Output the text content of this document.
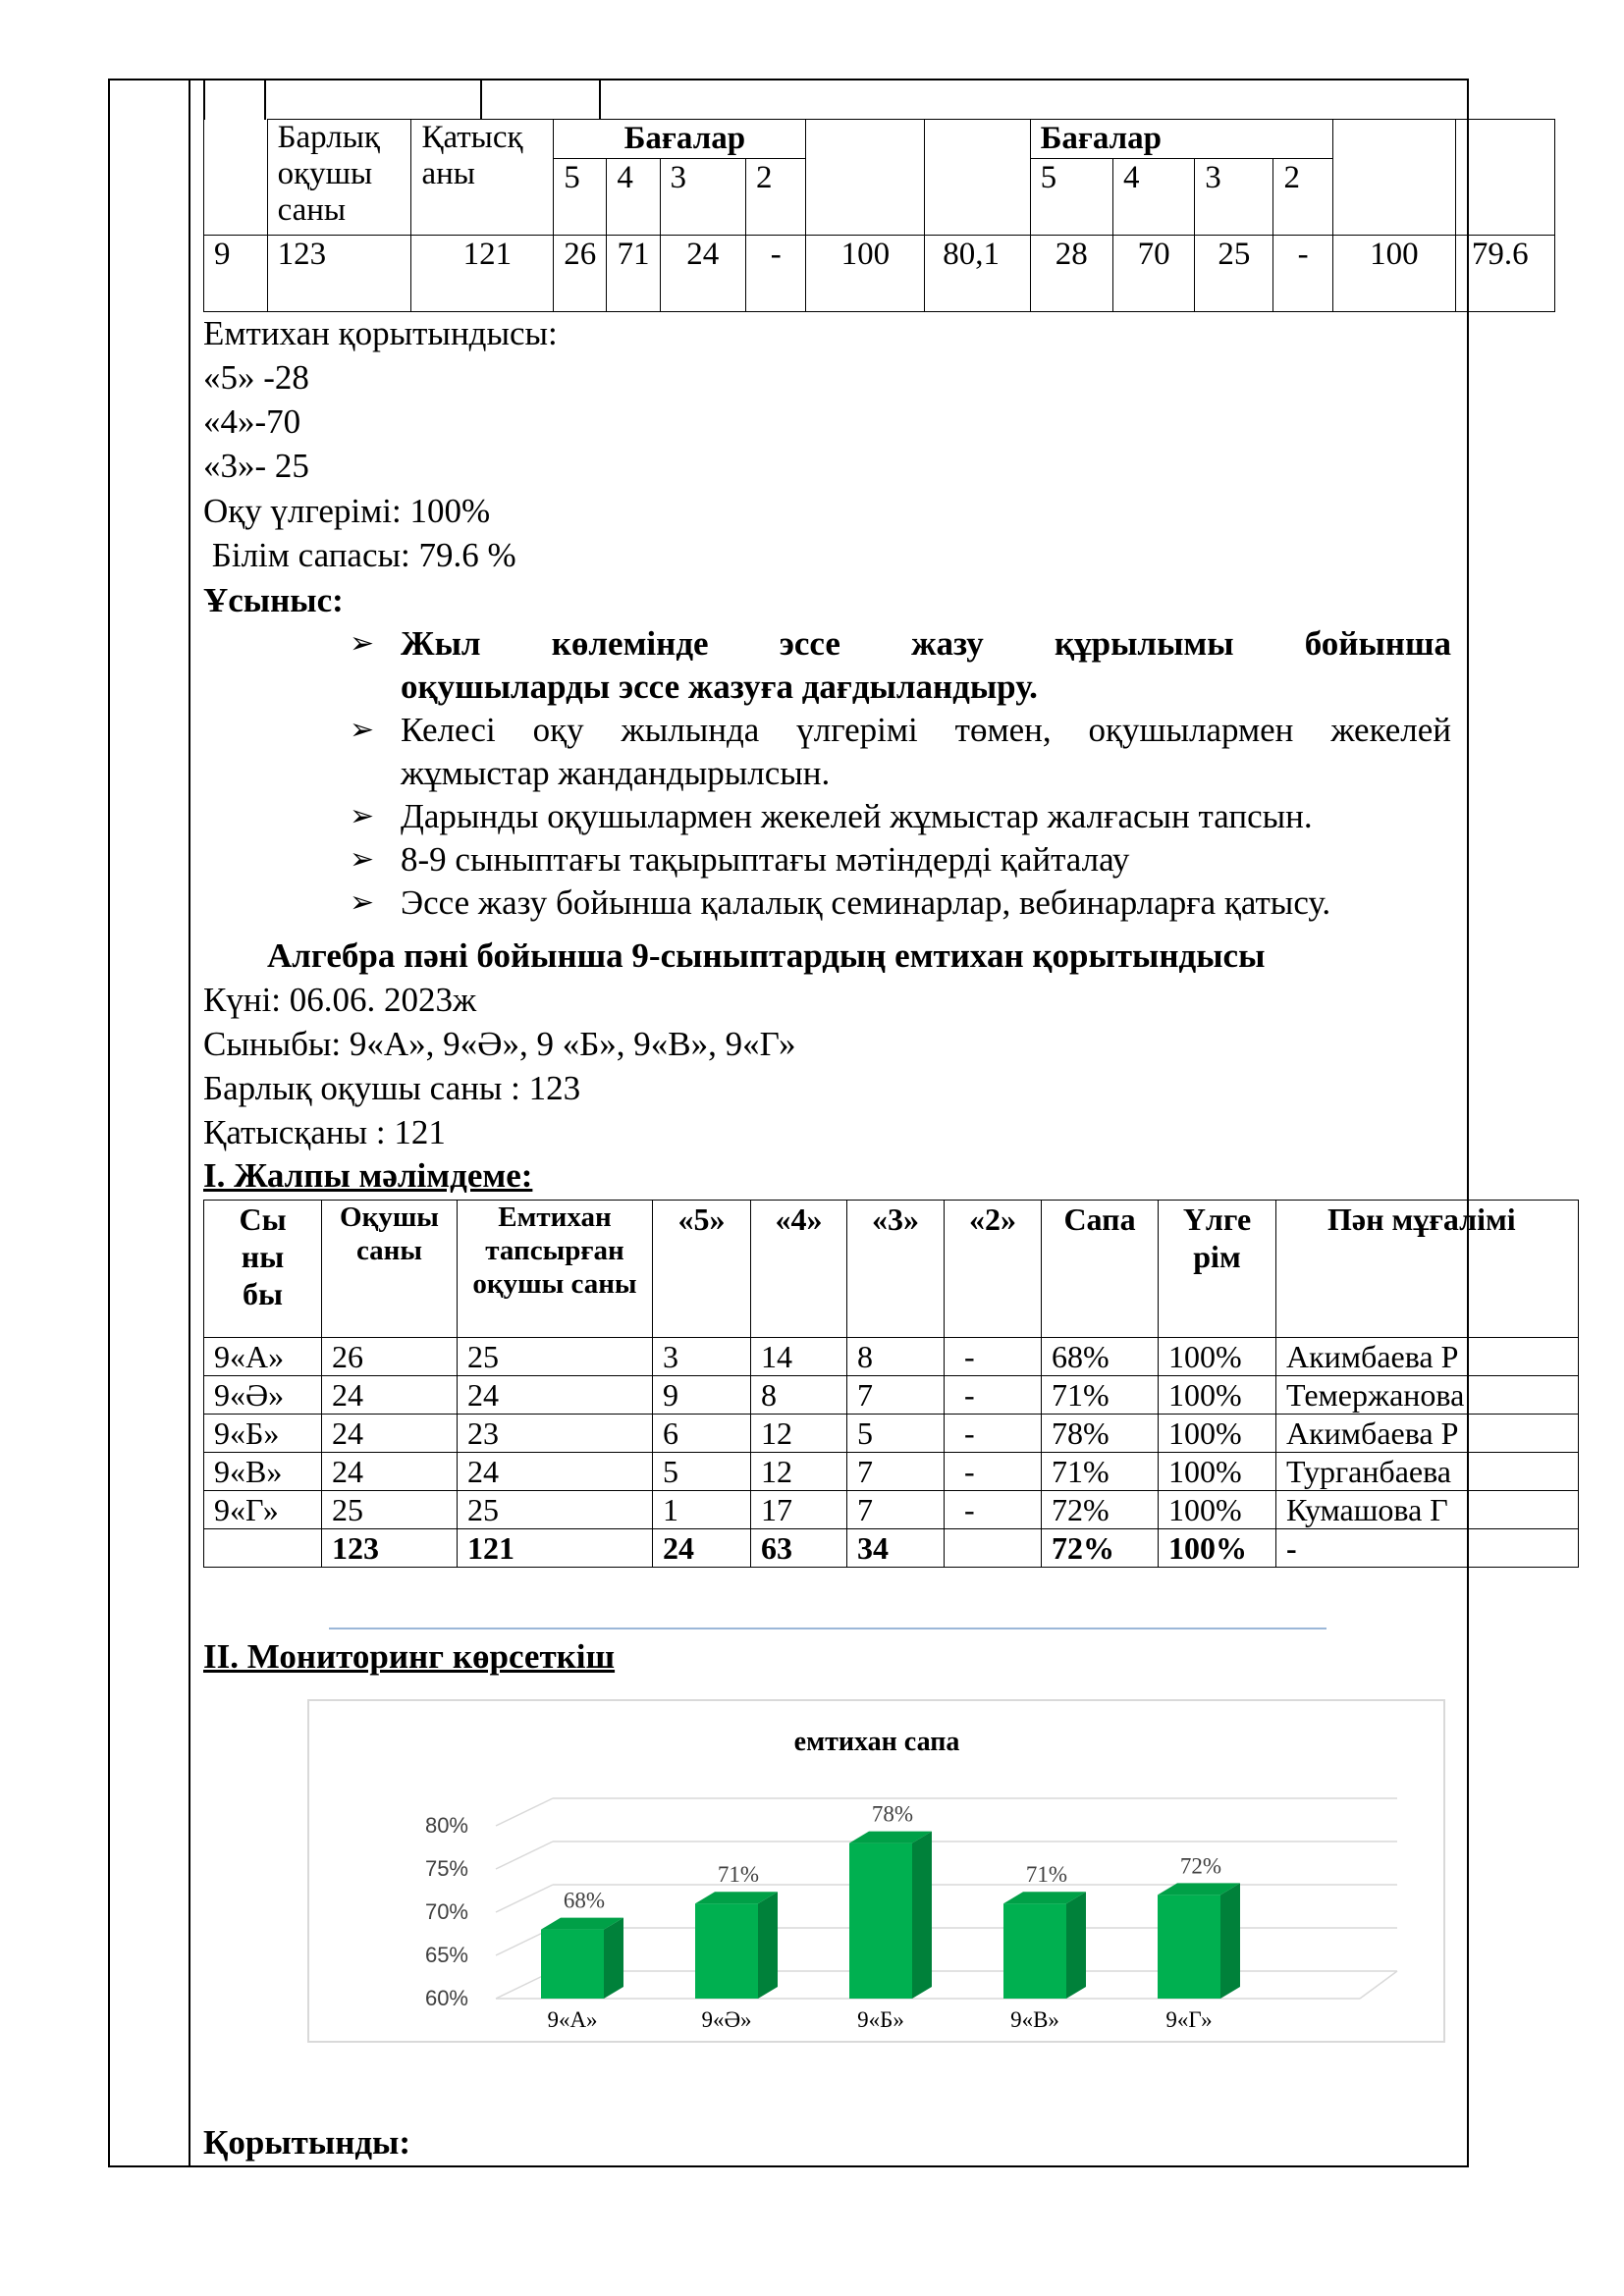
	Барлық оқушы саны	Қатысқ аны	Бағалар						Бағалар					
			5	4	3	2			5	4	3	2		
9	123	121	26	71	24	-	100	80,1	28	70	25	-	100	79.6
Емтихан қорытындысы:
«5» -28
«4»-70
«3»- 25
Оқу үлгерімі: 100%
Білім сапасы: 79.6 %
Ұсыныс:
➢ Жыл көлемінде эссе жазу құрылымы бойынша
оқушыларды эссе жазуға дағдыландыру.
➢ Келесі оқу жылында үлгерімі төмен, оқушылармен жекелей
жұмыстар жандандырылсын.
➢ Дарынды оқушылармен жекелей жұмыстар жалғасын тапсын.
➢ 8-9 сыныптағы тақырыптағы мәтіндерді қайталау
➢ Эссе жазу бойынша қалалық семинарлар, вебинарларға қатысу.
Алгебра пәні бойынша 9-сыныптардың емтихан қорытындысы
Күні: 06.06. 2023ж
Сыныбы: 9«А», 9«Ә», 9 «Б», 9«В», 9«Г»
Барлық оқушы саны : 123
Қатысқаны : 121
І. Жалпы мәлімдеме:
Сы ны бы	Оқушы саны	Емтихан тапсырған оқушы саны	«5»	«4»	«3»	«2»	Сапа	Үлге рім	Пән мұғалімі
9«А»	26	25	3	14	8	-	68%	100%	Акимбаева Р
9«Ә»	24	24	9	8	7	-	71%	100%	Темержанова
9«Б»	24	23	6	12	5	-	78%	100%	Акимбаева Р
9«В»	24	24	5	12	7	-	71%	100%	Турганбаева
9«Г»	25	25	1	17	7	-	72%	100%	Кумашова Г
	123	121	24	63	34		72%	100%	-
ІІ. Мониторинг көрсеткіш
емтихан сапа
60%
65%
70%
75%
80%
68%
9«А»
71%
9«Ә»
78%
9«Б»
71%
9«В»
72%
9«Г»
Қорытынды:
